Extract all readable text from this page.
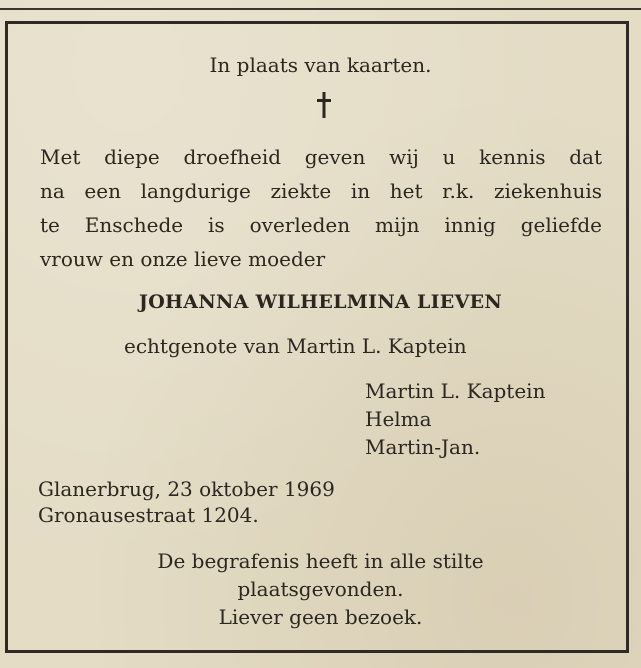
In plaats van kaarten.

Met diepe droefheid geven wij u kennis dat

na een langdurige ziekte in het r.k. ziekenhuis

te Enschede is overleden mijn innig geliefde

vrouw en onze lieve moeder

JOHANNA WILHELMINA LIEVEN

echtgenote van Martin L. Kaptein

Martin L. Kaptein

Helma

Martin-Jan.

Glanerbrug, 23 oktober 1969

Gronausestraat 1204.

De begrafenis heeft in alle stilte

plaatsgevonden.

Liever geen bezoek.
